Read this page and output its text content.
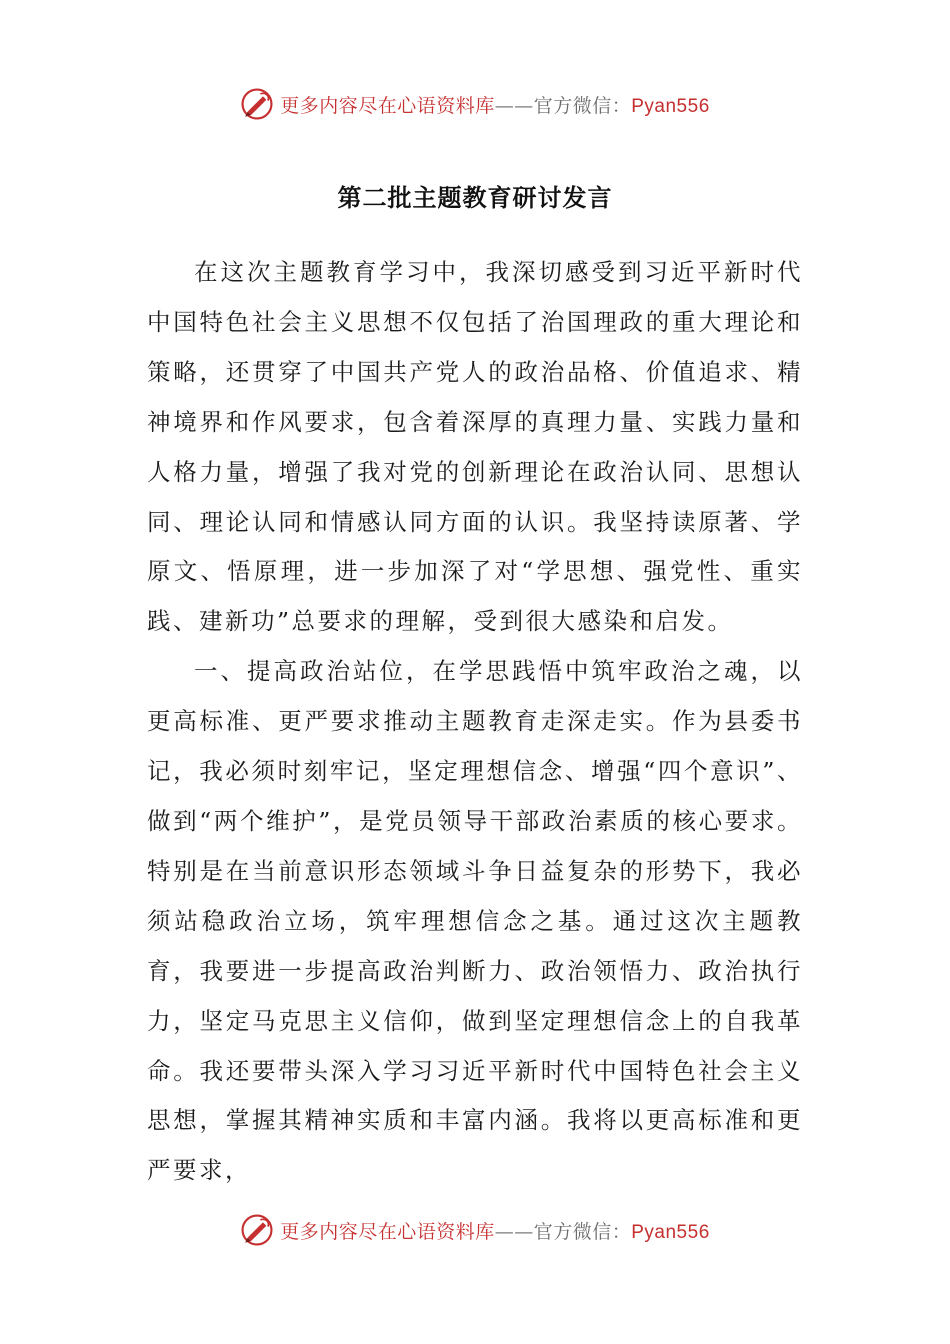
更多内容尽在心语资料库——官方微信：Pyan556
第二批主题教育研讨发言

在这次主题教育学习中，我深切感受到习近平新时代中国特色社会主义思想不仅包括了治国理政的重大理论和策略，还贯穿了中国共产党人的政治品格、价值追求、精神境界和作风要求，包含着深厚的真理力量、实践力量和人格力量，增强了我对党的创新理论在政治认同、思想认同、理论认同和情感认同方面的认识。我坚持读原著、学原文、悟原理，进一步加深了对“学思想、强党性、重实践、建新功”总要求的理解，受到很大感染和启发。

一、提高政治站位，在学思践悟中筑牢政治之魂，以更高标准、更严要求推动主题教育走深走实。作为县委书记，我必须时刻牢记，坚定理想信念、增强“四个意识”、做到“两个维护”，是党员领导干部政治素质的核心要求。特别是在当前意识形态领域斗争日益复杂的形势下，我必须站稳政治立场，筑牢理想信念之基。通过这次主题教育，我要进一步提高政治判断力、政治领悟力、政治执行力，坚定马克思主义信仰，做到坚定理想信念上的自我革命。我还要带头深入学习习近平新时代中国特色社会主义思想，掌握其精神实质和丰富内涵。我将以更高标准和更严要求，

更多内容尽在心语资料库——官方微信：Pyan556
